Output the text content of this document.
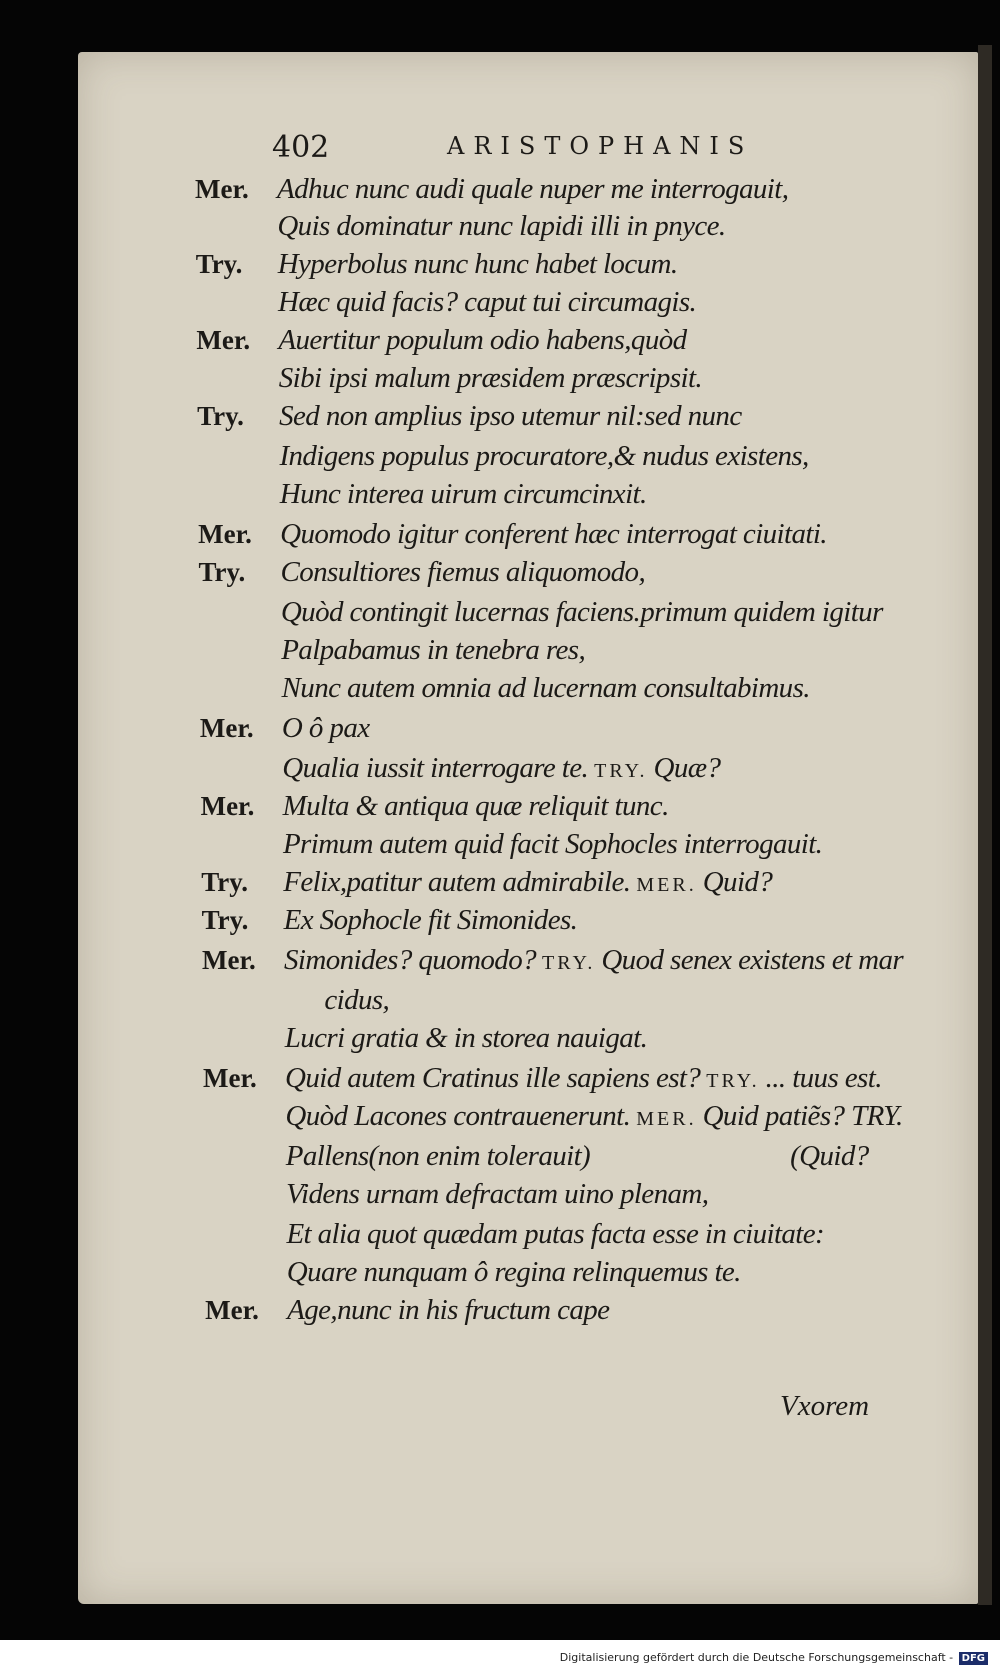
402	ARISTOPHANIS
Mer. Adhuc nunc audi quale nuper me interrogauit,
Quis dominatur nunc lapidi illi in pnyce.
Try. Hyperbolus nunc hunc habet locum.
Hæc quid facis? caput tui circumagis.
Mer. Auertitur populum odio habens,quòd
Sibi ipsi malum præsidem præscripsit.
Try. Sed non amplius ipso utemur nil:sed nunc
Indigens populus procuratore,& nudus existens,
Hunc interea uirum circumcinxit.
Mer. Quomodo igitur conferent hæc interrogat ciuitati.
Try. Consultiores fiemus aliquomodo,
Quòd contingit lucernas faciens.primum quidem igitur
Palpabamus in tenebra res,
Nunc autem omnia ad lucernam consultabimus.
Mer. O ô pax
Qualia iussit interrogare te. TRY. Quæ?
Mer. Multa & antiqua quæ reliquit tunc.
Primum autem quid facit Sophocles interrogauit.
Try. Felix,patitur autem admirabile. MER. Quid?
Try. Ex Sophocle fit Simonides.
Mer. Simonides? quomodo? TRY. Quod senex existens et mar
cidus,
Lucri gratia & in storea nauigat.
Mer. Quid autem Cratinus ille sapiens est? TRY. ... tuus est.
Quòd Lacones contrauenerunt. MER. Quid patiẽs? TRY.
Pallens(non enim tolerauit)	(Quid?
Videns urnam defractam uino plenam,
Et alia quot quædam putas facta esse in ciuitate:
Quare nunquam ô regina relinquemus te.
Mer. Age,nunc in his fructum cape
Vxorem
Digitalisierung gefördert durch die Deutsche Forschungsgemeinschaft - DFG
